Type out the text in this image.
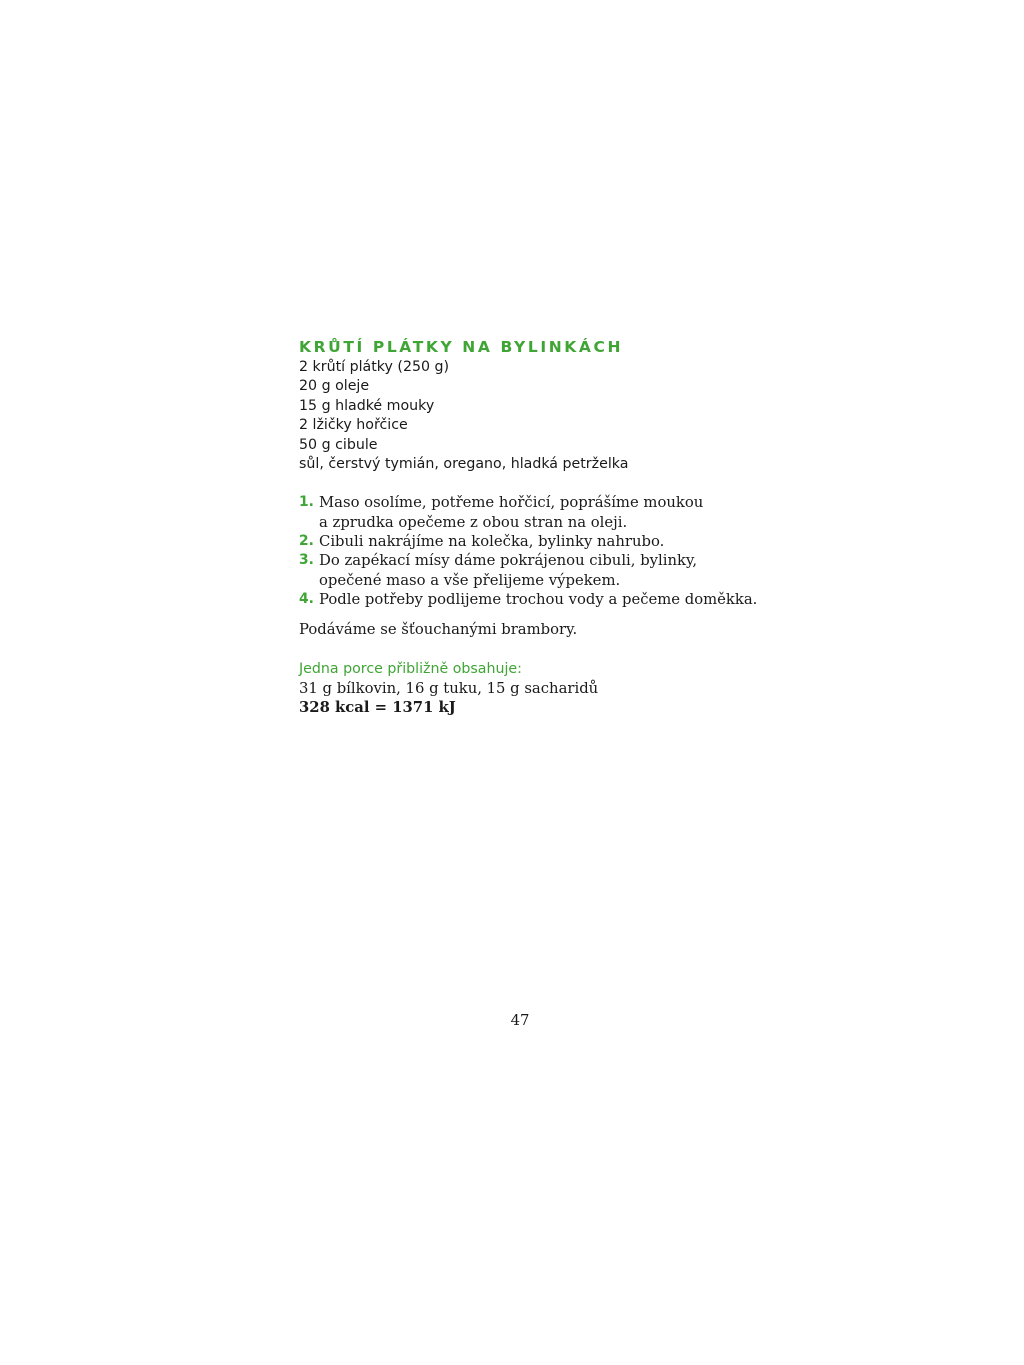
KRŮTÍ PLÁTKY NA BYLINKÁCH
2 krůtí plátky (250 g)
20 g oleje
15 g hladké mouky
2 lžičky hořčice
50 g cibule
sůl, čerstvý tymián, oregano, hladká petrželka
1. Maso osolíme, potřeme hořčicí, poprášíme moukou
a zprudka opečeme z obou stran na oleji.
2. Cibuli nakrájíme na kolečka, bylinky nahrubo.
3. Do zapékací mísy dáme pokrájenou cibuli, bylinky,
opečené maso a vše přelijeme výpekem.
4. Podle potřeby podlijeme trochou vody a pečeme doměkka.

Podáváme se šťouchanými brambory.

Jedna porce přibližně obsahuje:

31 g bílkovin, 16 g tuku, 15 g sacharidů

328 kcal = 1371 kJ

47
